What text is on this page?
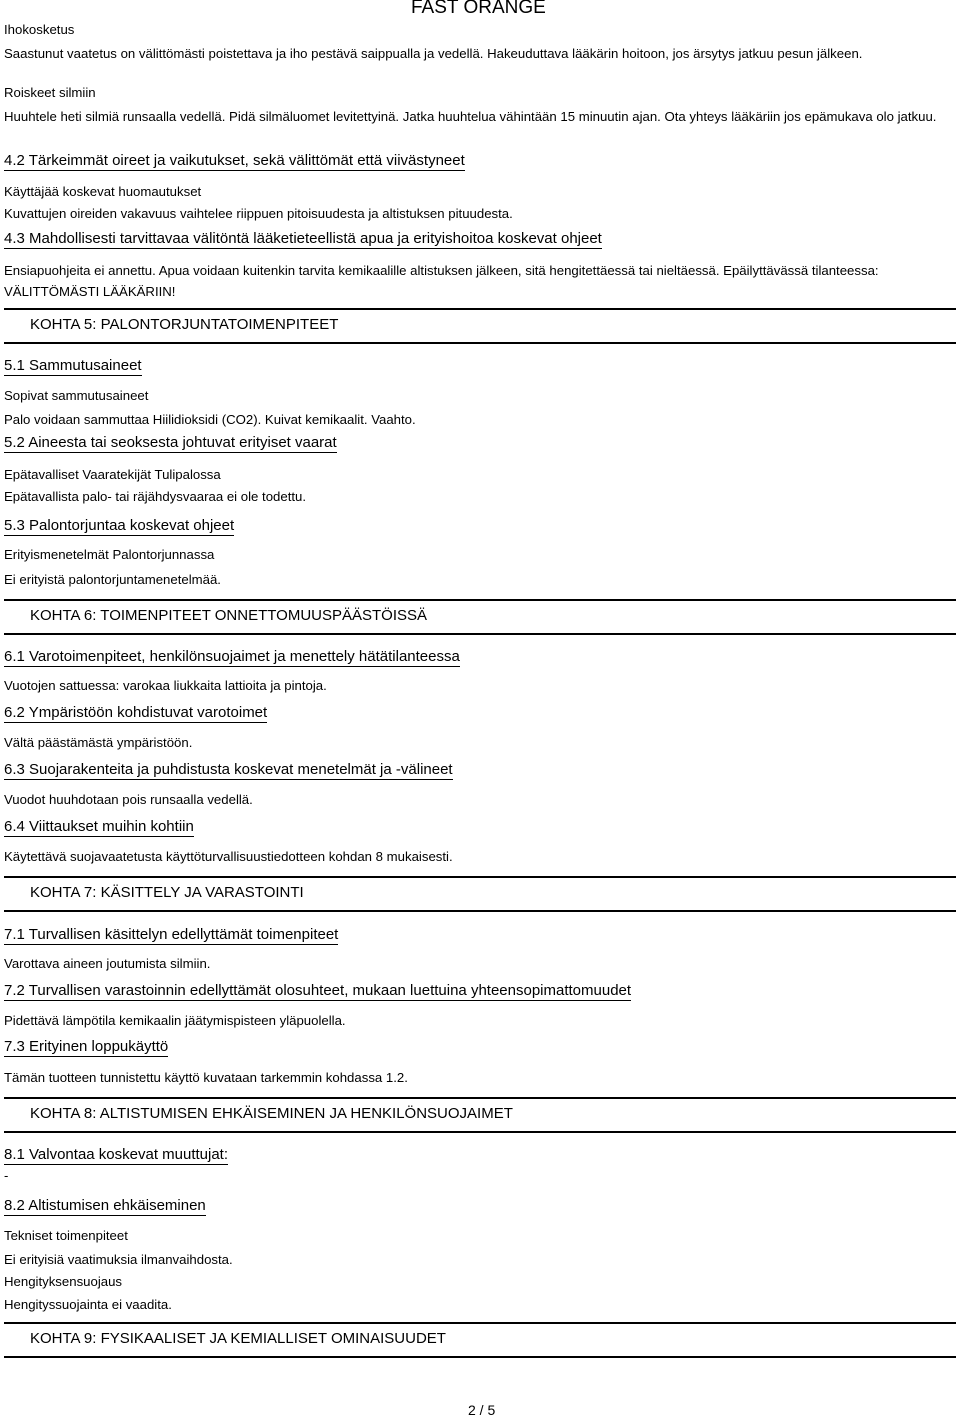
FAST ORANGE
Ihokosketus
Saastunut vaatetus on välittömästi poistettava ja iho pestävä saippualla ja vedellä. Hakeuduttava lääkärin hoitoon, jos ärsytys jatkuu pesun jälkeen.
Roiskeet silmiin
Huuhtele heti silmiä runsaalla vedellä. Pidä silmäluomet levitettyinä. Jatka huuhtelua vähintään 15 minuutin ajan. Ota yhteys lääkäriin jos epämukava olo jatkuu.
4.2 Tärkeimmät oireet ja vaikutukset, sekä välittömät että viivästyneet
Käyttäjää koskevat huomautukset
Kuvattujen oireiden vakavuus vaihtelee riippuen pitoisuudesta ja altistuksen pituudesta.
4.3 Mahdollisesti tarvittavaa välitöntä lääketieteellistä apua ja erityishoitoa koskevat ohjeet
Ensiapuohjeita ei annettu. Apua voidaan kuitenkin tarvita kemikaalille altistuksen jälkeen, sitä hengitettäessä tai nieltäessä. Epäilyttävässä tilanteessa: VÄLITTÖMÄSTI LÄÄKÄRIIN!
KOHTA 5: PALONTORJUNTATOIMENPITEET
5.1 Sammutusaineet
Sopivat sammutusaineet
Palo voidaan sammuttaa Hiilidioksidi (CO2). Kuivat kemikaalit. Vaahto.
5.2 Aineesta tai seoksesta johtuvat erityiset vaarat
Epätavalliset Vaaratekijät Tulipalossa
Epätavallista palo- tai räjähdysvaaraa ei ole todettu.
5.3 Palontorjuntaa koskevat ohjeet
Erityismenetelmät Palontorjunnassa
Ei erityistä palontorjuntamenetelmää.
KOHTA 6: TOIMENPITEET ONNETTOMUUSPÄÄSTÖISSÄ
6.1 Varotoimenpiteet, henkilönsuojaimet ja menettely hätätilanteessa
Vuotojen sattuessa: varokaa liukkaita lattioita ja pintoja.
6.2 Ympäristöön kohdistuvat varotoimet
Vältä päästämästä ympäristöön.
6.3 Suojarakenteita ja puhdistusta koskevat menetelmät ja -välineet
Vuodot huuhdotaan pois runsaalla vedellä.
6.4 Viittaukset muihin kohtiin
Käytettävä suojavaatetusta käyttöturvallisuustiedotteen kohdan 8 mukaisesti.
KOHTA 7: KÄSITTELY JA VARASTOINTI
7.1 Turvallisen käsittelyn edellyttämät toimenpiteet
Varottava aineen joutumista silmiin.
7.2 Turvallisen varastoinnin edellyttämät olosuhteet, mukaan luettuina yhteensopimattomuudet
Pidettävä lämpötila kemikaalin jäätymispisteen yläpuolella.
7.3 Erityinen loppukäyttö
Tämän tuotteen tunnistettu käyttö kuvataan tarkemmin kohdassa 1.2.
KOHTA 8: ALTISTUMISEN EHKÄISEMINEN JA HENKILÖNSUOJAIMET
8.1 Valvontaa koskevat muuttujat:
-
8.2 Altistumisen ehkäiseminen
Tekniset toimenpiteet
Ei erityisiä vaatimuksia ilmanvaihdosta.
Hengityksensuojaus
Hengityssuojainta ei vaadita.
KOHTA 9: FYSIKAALISET JA KEMIALLISET OMINAISUUDET
2 / 5
